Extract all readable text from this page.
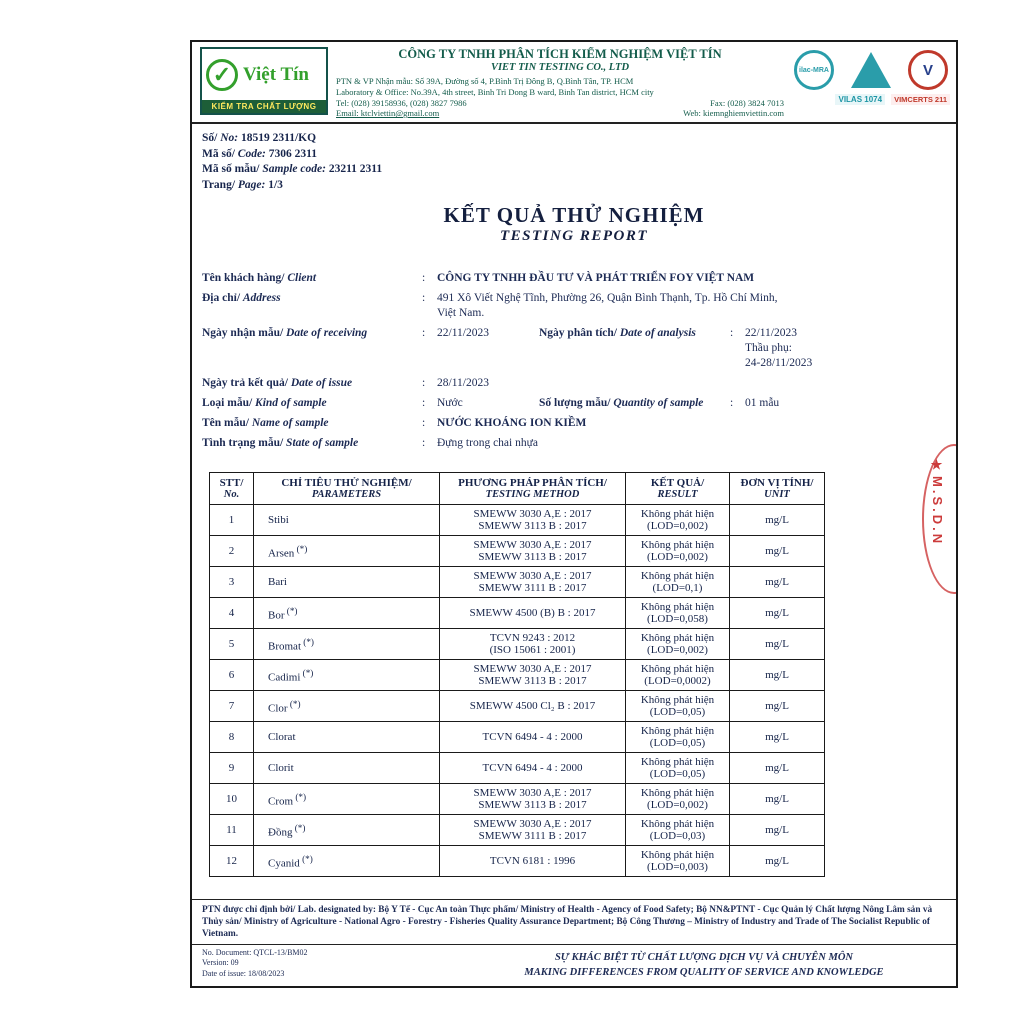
✓ Việt Tín
KIỂM TRA CHẤT LƯỢNG
CÔNG TY TNHH PHÂN TÍCH KIỂM NGHIỆM VIỆT TÍN
VIET TIN TESTING CO., LTD
PTN & VP Nhận mẫu: Số 39A, Đường số 4, P.Bình Trị Đông B, Q.Bình Tân, TP. HCM
Laboratory & Office: No.39A, 4th street, Binh Tri Dong B ward, Binh Tan district, HCM city
Tel: (028) 39158936, (028) 3827 7986	Fax: (028) 3824 7013
Email: ktclviettin@gmail.com	Web: kiemnghiemviettin.com
ilac-MRA	V
VILAS 1074	VIMCERTS 211
Số/ No: 18519 2311/KQ
Mã số/ Code: 7306 2311
Mã số mẫu/ Sample code: 23211 2311
Trang/ Page: 1/3
KẾT QUẢ THỬ NGHIỆM
TESTING REPORT
Tên khách hàng/ Client	:	CÔNG TY TNHH ĐẦU TƯ VÀ PHÁT TRIỂN FOY VIỆT NAM
Địa chỉ/ Address	:	491 Xô Viết Nghệ Tĩnh, Phường 26, Quận Bình Thạnh, Tp. Hồ Chí Minh, Việt Nam.
Ngày nhận mẫu/ Date of receiving	:	22/11/2023	Ngày phân tích/ Date of analysis	:	22/11/2023
Thầu phụ:
24-28/11/2023
Ngày trả kết quả/ Date of issue	:	28/11/2023
Loại mẫu/ Kind of sample	:	Nước	Số lượng mẫu/ Quantity of sample	:	01 mẫu
Tên mẫu/ Name of sample	:	NƯỚC KHOÁNG ION KIỀM
Tình trạng mẫu/ State of sample	:	Đựng trong chai nhựa
STT/
No.

CHỈ TIÊU THỬ NGHIỆM/
PARAMETERS

PHƯƠNG PHÁP PHÂN TÍCH/
TESTING METHOD

KẾT QUẢ/
RESULT

ĐƠN VỊ TÍNH/
UNIT

1	Stibi	SMEWW 3030 A,E : 2017
SMEWW 3113 B : 2017

Không phát hiện
(LOD=0,002)	mg/L
2	Arsen (*)	SMEWW 3030 A,E : 2017
SMEWW 3113 B : 2017

Không phát hiện
(LOD=0,002)	mg/L
3	Bari	SMEWW 3030 A,E : 2017
SMEWW 3111 B : 2017

Không phát hiện
(LOD=0,1)	mg/L
4	Bor (*)	SMEWW 4500 (B) B : 2017	Không phát hiện
(LOD=0,058)	mg/L
5	Bromat (*)	TCVN 9243 : 2012
(ISO 15061 : 2001)

Không phát hiện
(LOD=0,002)	mg/L
6	Cadimi (*)	SMEWW 3030 A,E : 2017
SMEWW 3113 B : 2017

Không phát hiện
(LOD=0,0002)	mg/L
7	Clor (*)	SMEWW 4500 Cl₂ B : 2017	Không phát hiện
(LOD=0,05)	mg/L
8	Clorat	TCVN 6494 - 4 : 2000	Không phát hiện
(LOD=0,05)	mg/L
9	Clorit	TCVN 6494 - 4 : 2000	Không phát hiện
(LOD=0,05)	mg/L
10	Crom (*)	SMEWW 3030 A,E : 2017
SMEWW 3113 B : 2017

Không phát hiện
(LOD=0,002)	mg/L
11	Đồng (*)	SMEWW 3030 A,E : 2017
SMEWW 3111 B : 2017

Không phát hiện
(LOD=0,03)	mg/L
12	Cyanid (*)	TCVN 6181 : 1996	Không phát hiện
(LOD=0,003)	mg/L
★M.S.D.N
PTN được chỉ định bởi/ Lab. designated by: Bộ Y Tế - Cục An toàn Thực phẩm/ Ministry of Health - Agency of Food Safety; Bộ NN&PTNT - Cục Quản lý Chất lượng Nông Lâm sản và Thủy sản/ Ministry of Agriculture - National Agro - Forestry - Fisheries Quality Assurance Department; Bộ Công Thương – Ministry of Industry and Trade of The Socialist Republic of Vietnam.
No. Document: QTCL-13/BM02
Version: 09
Date of issue: 18/08/2023
SỰ KHÁC BIỆT TỪ CHẤT LƯỢNG DỊCH VỤ VÀ CHUYÊN MÔN
MAKING DIFFERENCES FROM QUALITY OF SERVICE AND KNOWLEDGE
